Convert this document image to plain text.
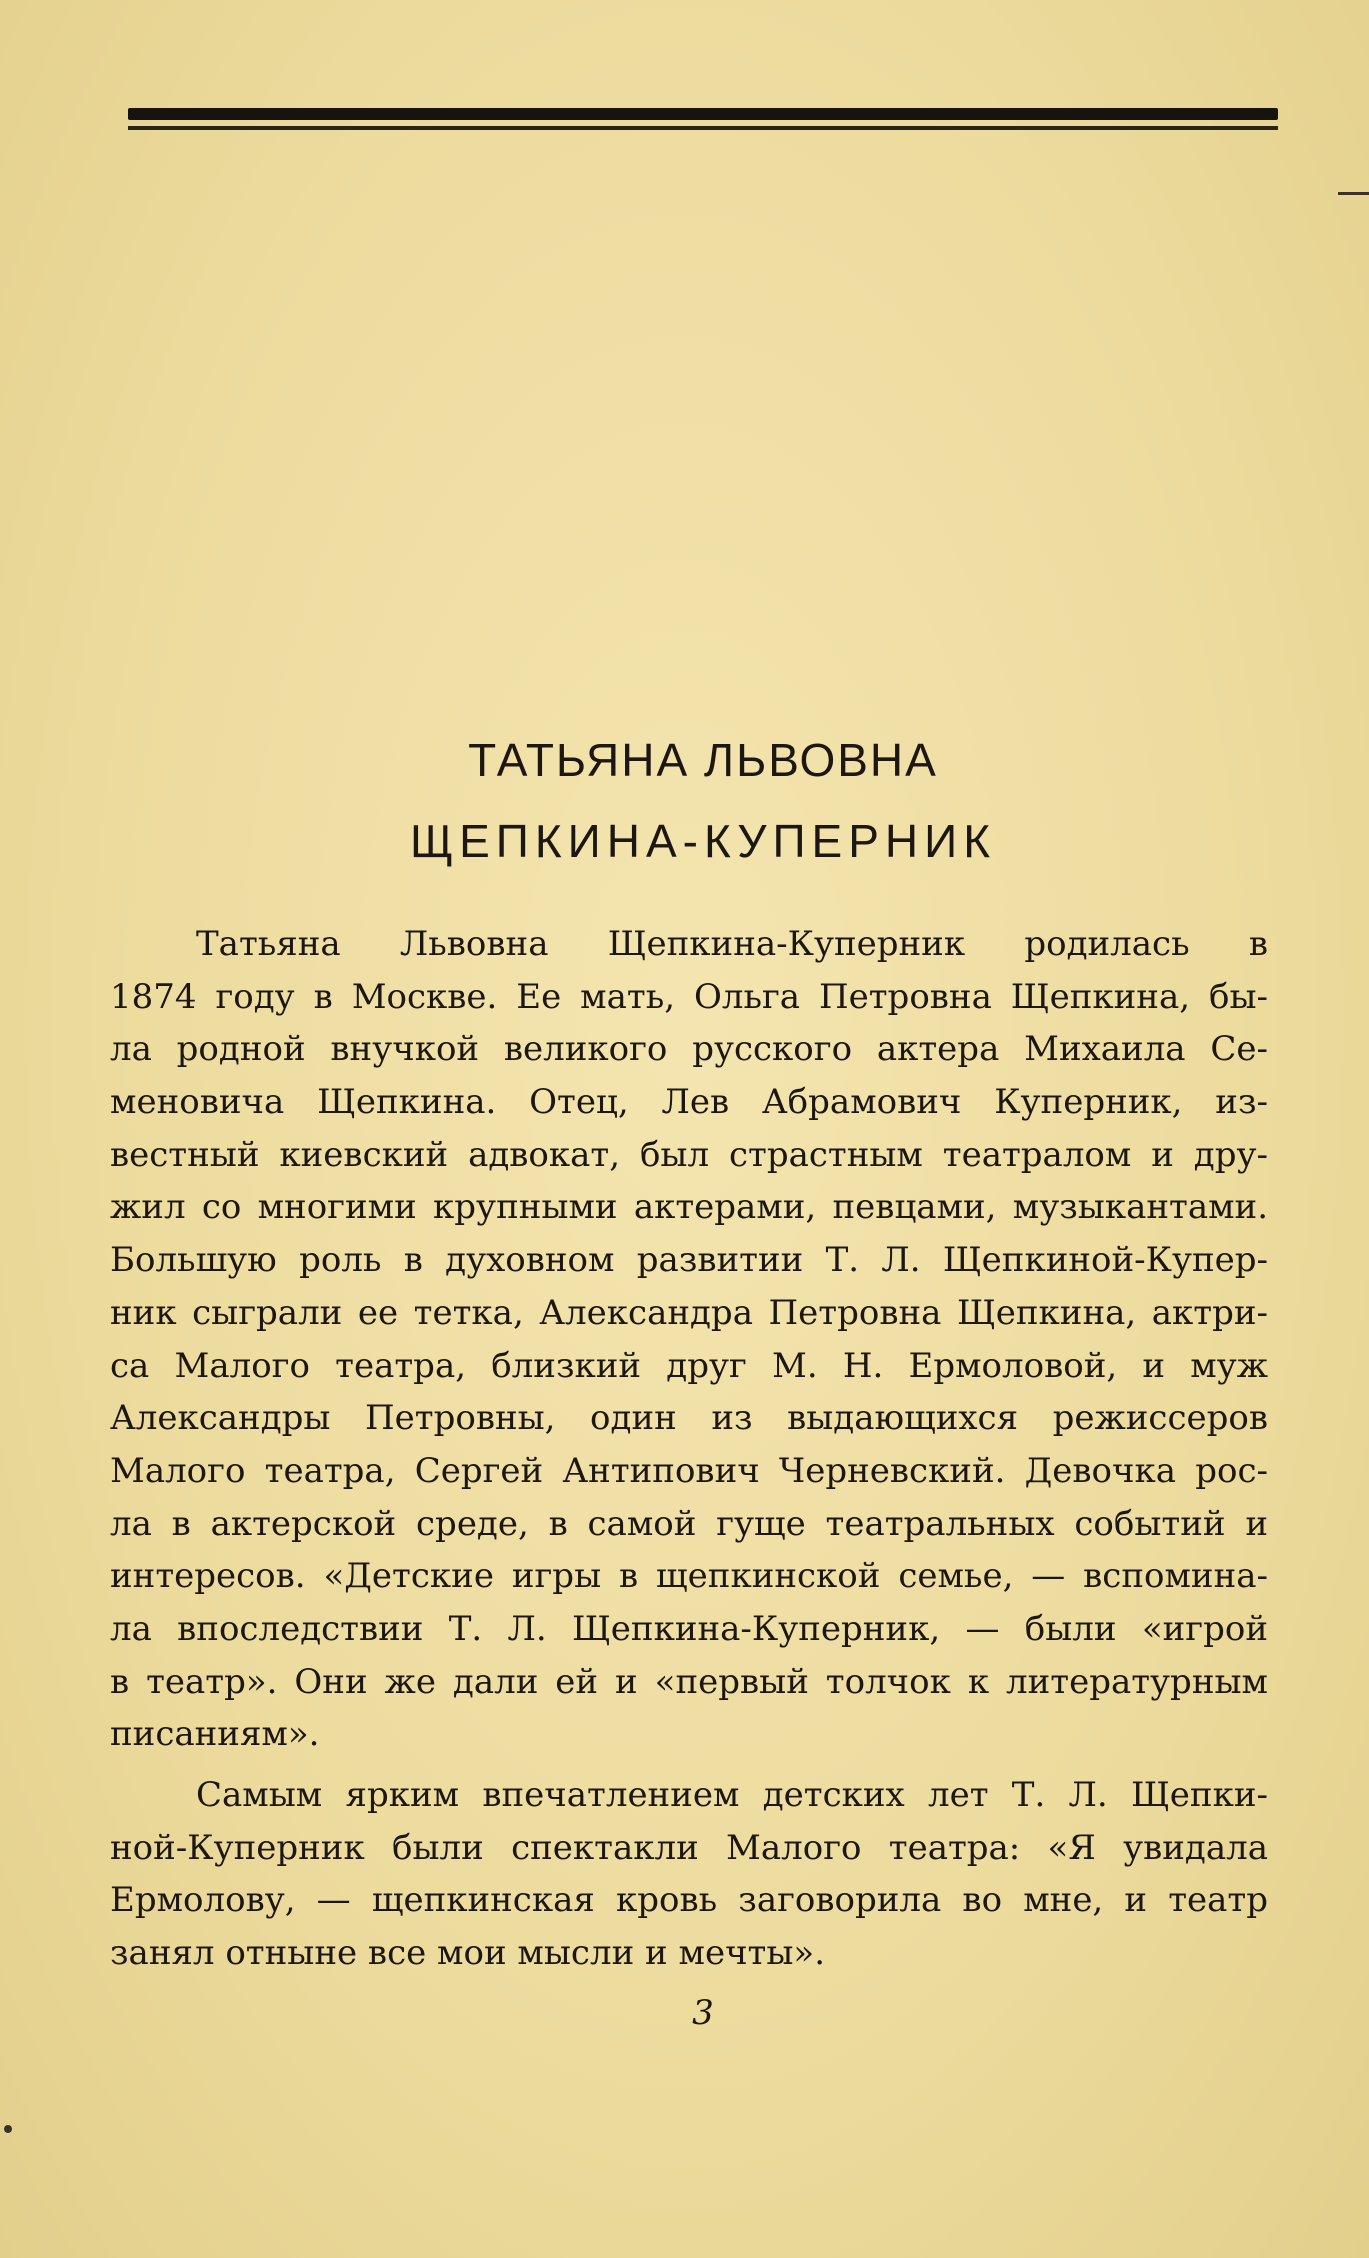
ТАТЬЯНА ЛЬВОВНА
ЩЕПКИНА-КУПЕРНИК
Татьяна Львовна Щепкина-Куперник родилась в
1874 году в Москве. Ее мать, Ольга Петровна Щепкина, бы-
ла родной внучкой великого русского актера Михаила Се-
меновича Щепкина. Отец, Лев Абрамович Куперник, из-
вестный киевский адвокат, был страстным театралом и дру-
жил со многими крупными актерами, певцами, музыкантами.
Большую роль в духовном развитии Т. Л. Щепкиной-Купер-
ник сыграли ее тетка, Александра Петровна Щепкина, актри-
са Малого театра, близкий друг М. Н. Ермоловой, и муж
Александры Петровны, один из выдающихся режиссеров
Малого театра, Сергей Антипович Черневский. Девочка рос-
ла в актерской среде, в самой гуще театральных событий и
интересов. «Детские игры в щепкинской семье, — вспомина-
ла впоследствии Т. Л. Щепкина-Куперник, — были «игрой
в театр». Они же дали ей и «первый толчок к литературным
писаниям».
Самым ярким впечатлением детских лет Т. Л. Щепки-
ной-Куперник были спектакли Малого театра: «Я увидала
Ермолову, — щепкинская кровь заговорила во мне, и театр
занял отныне все мои мысли и мечты».
3
